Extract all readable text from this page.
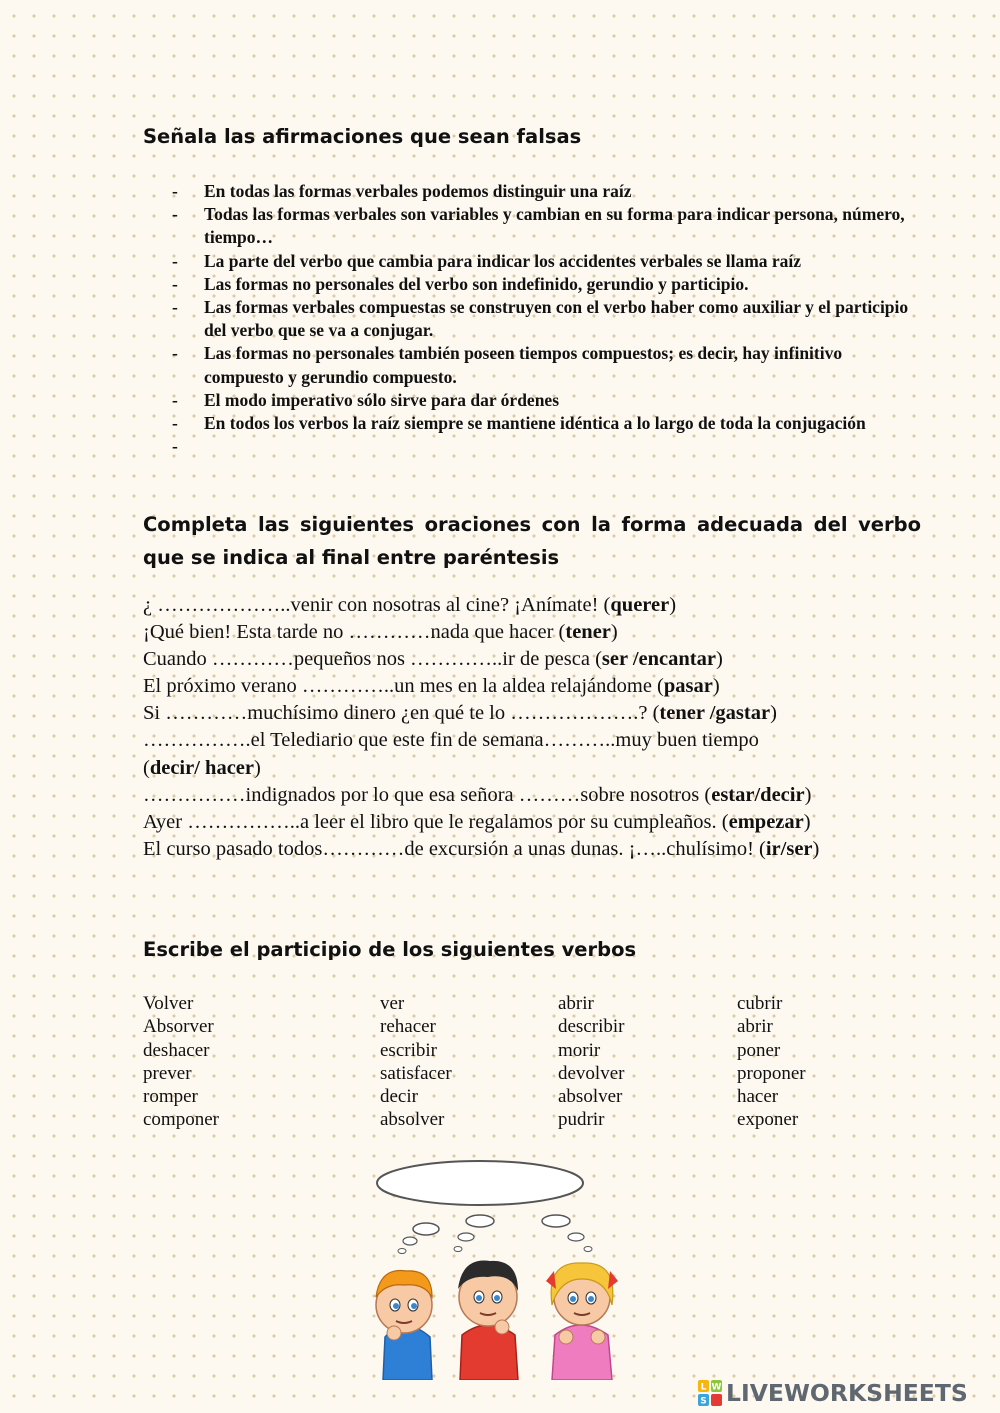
Señala las afirmaciones que sean falsas
- En todas las formas verbales podemos distinguir una raíz
- Todas las formas verbales son variables y cambian en su forma para indicar persona, número, tiempo…
- La parte del verbo que cambia para indicar los accidentes verbales se llama raíz
- Las formas no personales del verbo son indefinido, gerundio y participio.
- Las formas verbales compuestas se construyen con el verbo haber como auxiliar y el participio del verbo que se va a conjugar.
- Las formas no personales también poseen tiempos compuestos; es decir, hay infinitivo compuesto y gerundio compuesto.
- El modo imperativo sólo sirve para dar órdenes
- En todos los verbos la raíz siempre se mantiene idéntica a lo largo de toda la conjugación
-

Completa las siguientes oraciones con la forma adecuada del verbo que se indica al final entre paréntesis
¿ ………………..venir con nosotras al cine? ¡Anímate! (querer)
¡Qué bien! Esta tarde no …………nada que hacer (tener)
Cuando …………pequeños nos …………..ir de pesca (ser /encantar)
El próximo verano …………..un mes en la aldea relajándome (pasar)
Si …………muchísimo dinero ¿en qué te lo ……………….? (tener /gastar)
…………….el Telediario que este fin de semana………..muy buen tiempo
(decir/ hacer)
……………indignados por lo que esa señora ………sobre nosotros (estar/decir)
Ayer ……………..a leer el libro que le regalamos por su cumpleaños. (empezar)
El curso pasado todos…………de excursión a unas dunas. ¡…..chulísimo! (ir/ser)
Escribe el participio de los siguientes verbos
Volver
Absorver
deshacer
prever
romper
componer
ver
rehacer
escribir
satisfacer
decir
absolver
abrir
describir
morir
devolver
absolver
pudrir
cubrir
abrir
poner
proponer
hacer
exponer
L W
S LIVEWORKSHEETS
